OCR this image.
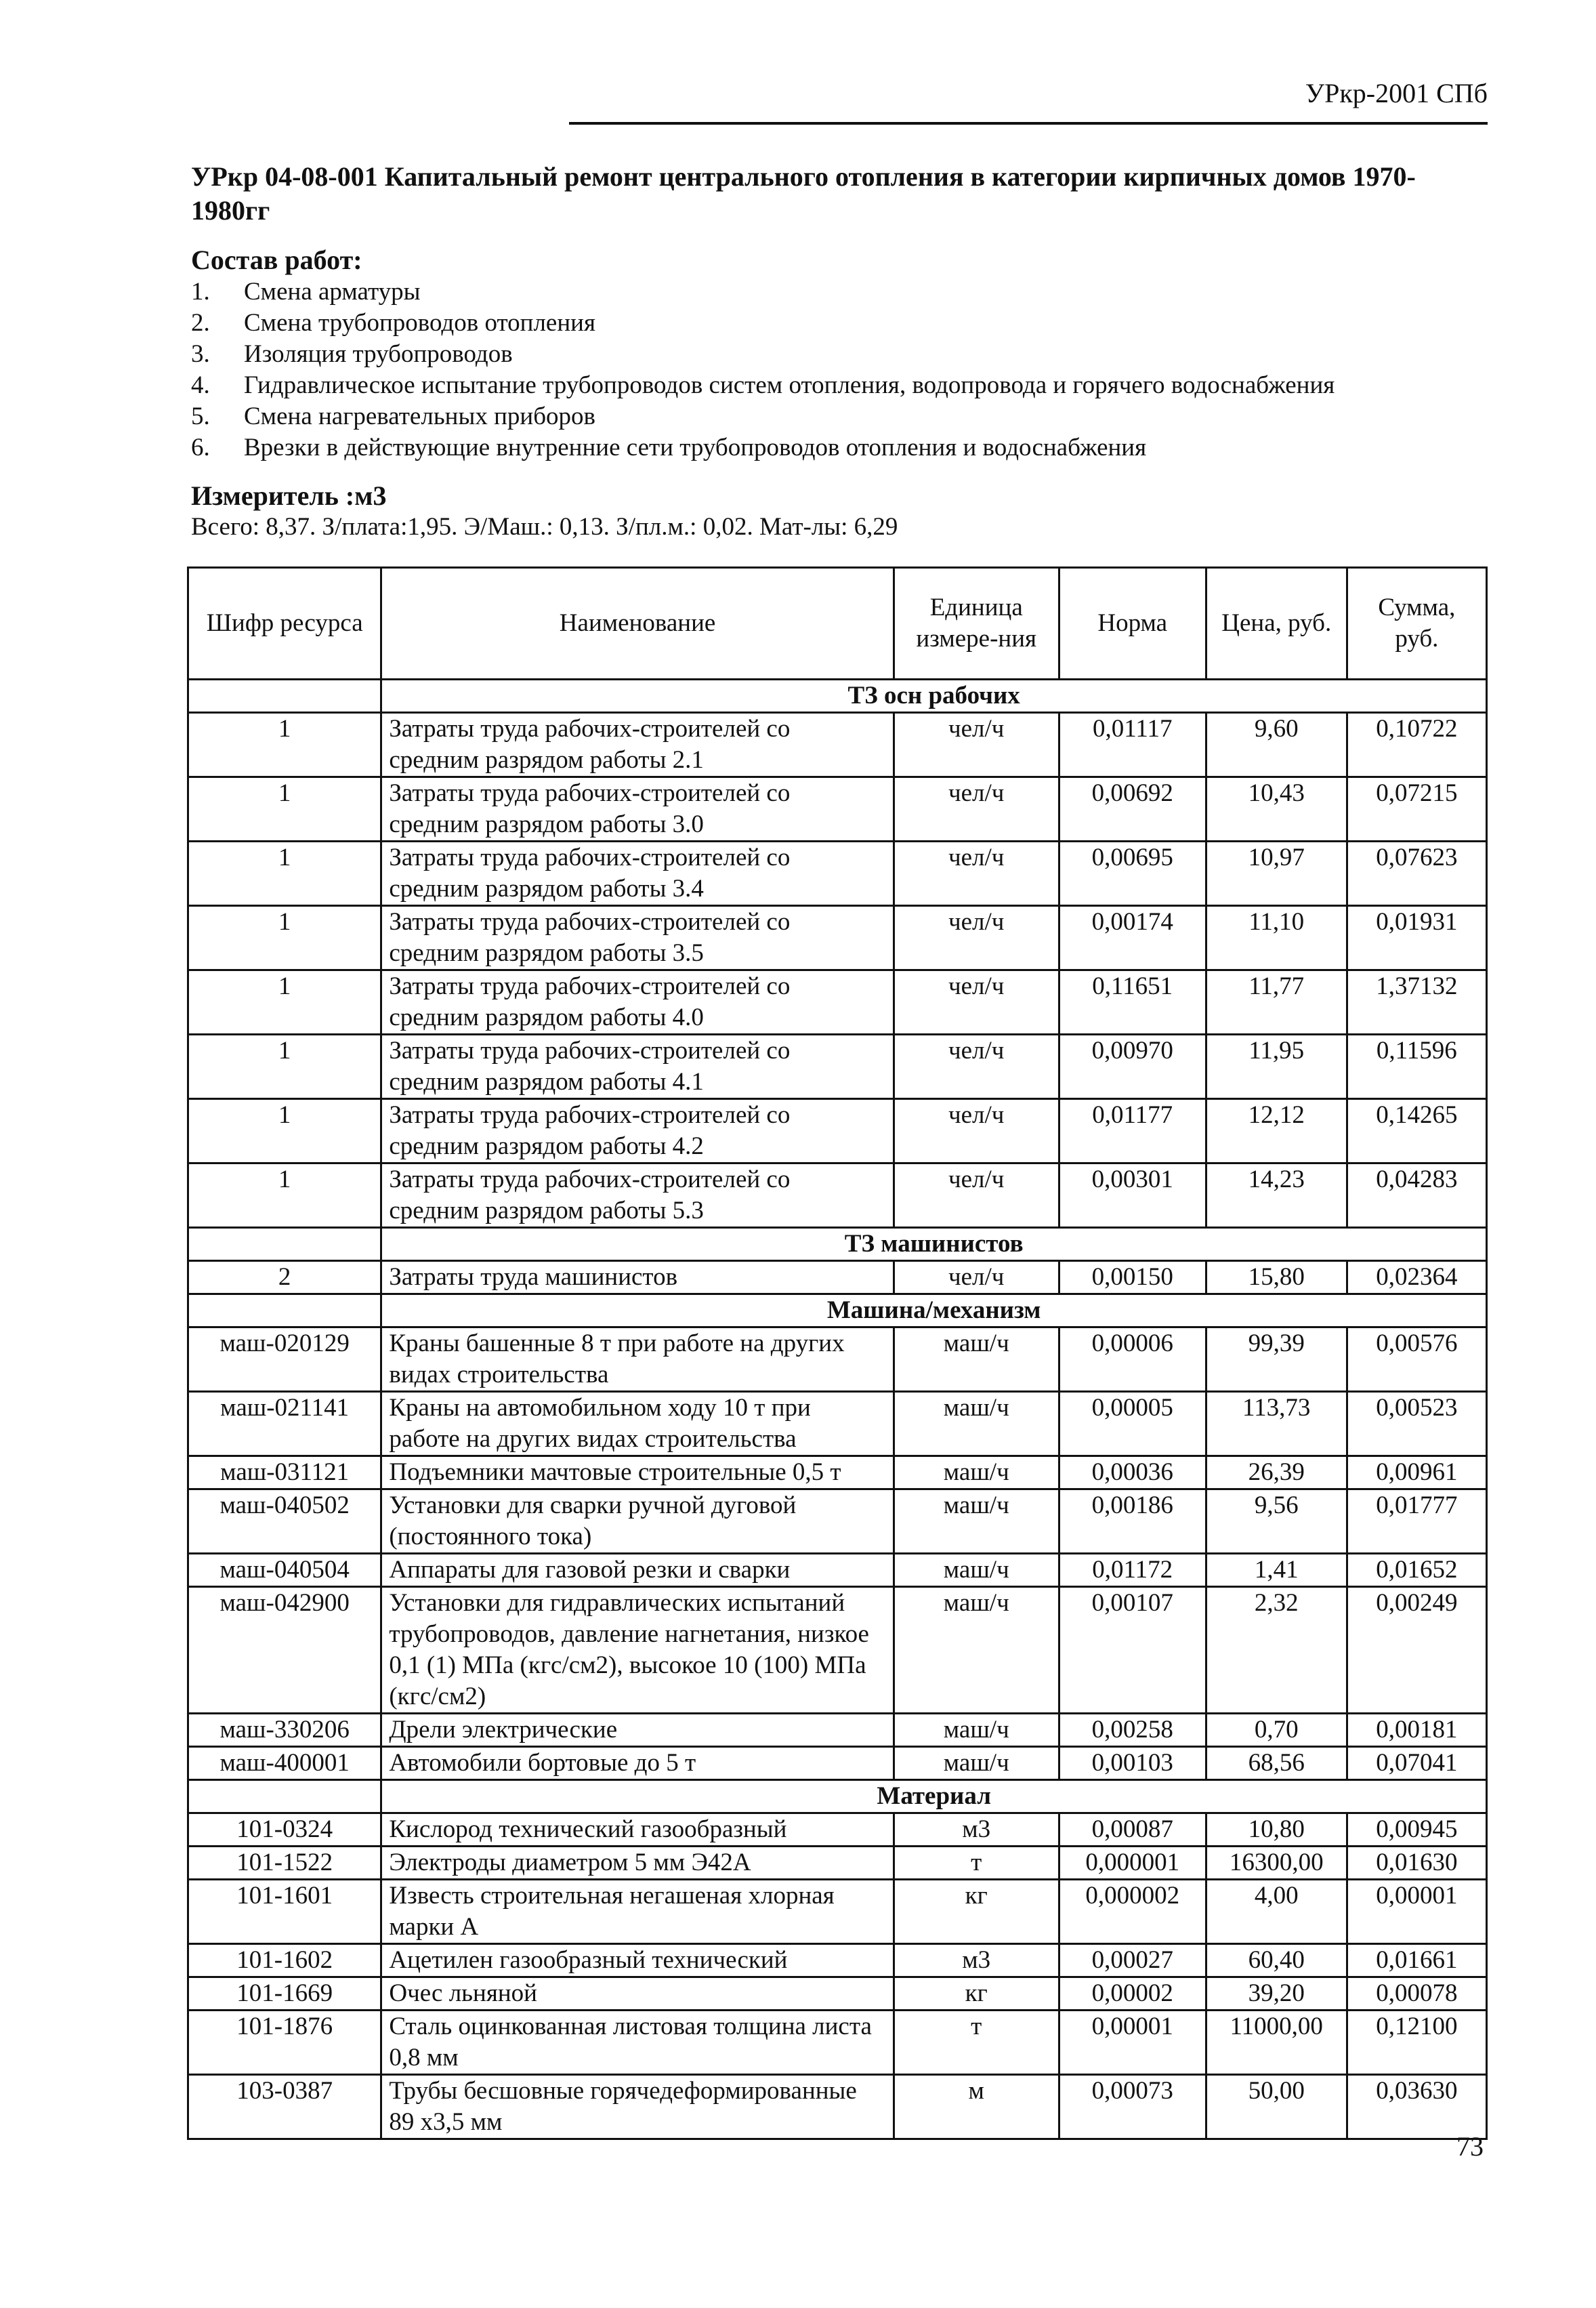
УРкр-2001 СПб

УРкр 04-08-001 Капитальный ремонт центрального отопления в категории кирпичных домов 1970-1980гг

Состав работ:

1.	Смена арматуры
2.	Смена трубопроводов отопления
3.	Изоляция трубопроводов
4.	Гидравлическое испытание трубопроводов систем отопления, водопровода и горячего водоснабжения
5.	Смена нагревательных приборов
6.	Врезки в действующие внутренние сети трубопроводов отопления и водоснабжения

Измеритель :м3

Всего: 8,37. З/плата:1,95. Э/Маш.: 0,13. З/пл.м.: 0,02. Мат-лы: 6,29

Шифр ресурса	Наименование	Единица измере-ния	Норма	Цена, руб.	Сумма, руб.
	ТЗ осн рабочих				
1	Затраты труда рабочих-строителей со средним разрядом работы 2.1	чел/ч	0,01117	9,60	0,10722
1	Затраты труда рабочих-строителей со средним разрядом работы 3.0	чел/ч	0,00692	10,43	0,07215
1	Затраты труда рабочих-строителей со средним разрядом работы 3.4	чел/ч	0,00695	10,97	0,07623
1	Затраты труда рабочих-строителей со средним разрядом работы 3.5	чел/ч	0,00174	11,10	0,01931
1	Затраты труда рабочих-строителей со средним разрядом работы 4.0	чел/ч	0,11651	11,77	1,37132
1	Затраты труда рабочих-строителей со средним разрядом работы 4.1	чел/ч	0,00970	11,95	0,11596
1	Затраты труда рабочих-строителей со средним разрядом работы 4.2	чел/ч	0,01177	12,12	0,14265
1	Затраты труда рабочих-строителей со средним разрядом работы 5.3	чел/ч	0,00301	14,23	0,04283
	ТЗ машинистов				
2	Затраты труда машинистов	чел/ч	0,00150	15,80	0,02364
	Машина/механизм				
маш-020129	Краны башенные 8 т при работе на других видах строительства	маш/ч	0,00006	99,39	0,00576
маш-021141	Краны на автомобильном ходу 10 т при работе на других видах строительства	маш/ч	0,00005	113,73	0,00523
маш-031121	Подъемники мачтовые строительные 0,5 т	маш/ч	0,00036	26,39	0,00961
маш-040502	Установки для сварки ручной дуговой (постоянного тока)	маш/ч	0,00186	9,56	0,01777
маш-040504	Аппараты для газовой резки и сварки	маш/ч	0,01172	1,41	0,01652
маш-042900	Установки для гидравлических испытаний трубопроводов, давление нагнетания, низкое 0,1 (1) МПа (кгс/см2), высокое 10 (100) МПа (кгс/см2)	маш/ч	0,00107	2,32	0,00249
маш-330206	Дрели электрические	маш/ч	0,00258	0,70	0,00181
маш-400001	Автомобили бортовые до 5 т	маш/ч	0,00103	68,56	0,07041
	Материал				
101-0324	Кислород технический газообразный	м3	0,00087	10,80	0,00945
101-1522	Электроды диаметром 5 мм Э42А	т	0,000001	16300,00	0,01630
101-1601	Известь строительная негашеная хлорная марки А	кг	0,000002	4,00	0,00001
101-1602	Ацетилен газообразный технический	м3	0,00027	60,40	0,01661
101-1669	Очес льняной	кг	0,00002	39,20	0,00078
101-1876	Сталь оцинкованная листовая толщина листа 0,8 мм	т	0,00001	11000,00	0,12100
103-0387	Трубы бесшовные горячедеформированные 89 х3,5 мм	м	0,00073	50,00	0,03630
73
